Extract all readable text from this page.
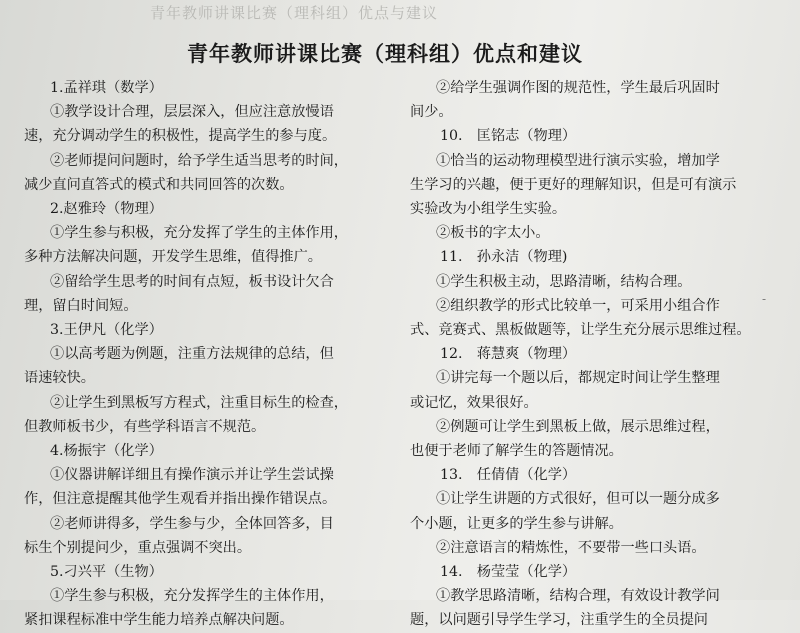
青年教师讲课比赛（理科组）优点与建议
青年教师讲课比赛（理科组）优点和建议

1.孟祥琪（数学）

①教学设计合理，层层深入，但应注意放慢语

速，充分调动学生的积极性，提高学生的参与度。

②老师提问问题时，给予学生适当思考的时间，

减少直问直答式的模式和共同回答的次数。

2.赵雅玲（物理）

①学生参与积极，充分发挥了学生的主体作用，

多种方法解决问题，开发学生思维，值得推广。

②留给学生思考的时间有点短，板书设计欠合

理，留白时间短。

3.王伊凡（化学）

①以高考题为例题，注重方法规律的总结，但

语速较快。

②让学生到黑板写方程式，注重目标生的检查，

但教师板书少，有些学科语言不规范。

4.杨振宇（化学）

①仪器讲解详细且有操作演示并让学生尝试操

作，但注意提醒其他学生观看并指出操作错误点。

②老师讲得多，学生参与少，全体回答多，目

标生个别提问少，重点强调不突出。

5.刁兴平（生物）

①学生参与积极，充分发挥学生的主体作用，

紧扣课程标准中学生能力培养点解决问题。

②给学生强调作图的规范性，学生最后巩固时

间少。

10.　匡铭志（物理）

①恰当的运动物理模型进行演示实验，增加学

生学习的兴趣，便于更好的理解知识，但是可有演示

实验改为小组学生实验。

②板书的字太小。

11.　孙永洁（物理)

①学生积极主动，思路清晰，结构合理。

②组织教学的形式比较单一，可采用小组合作

式、竞赛式、黑板做题等，让学生充分展示思维过程。

12.　蒋慧爽（物理）

①讲完每一个题以后，都规定时间让学生整理

或记忆，效果很好。

②例题可让学生到黑板上做，展示思维过程，

也便于老师了解学生的答题情况。

13.　任倩倩（化学）

①让学生讲题的方式很好，但可以一题分成多

个小题，让更多的学生参与讲解。

②注意语言的精炼性，不要带一些口头语。

14.　杨莹莹（化学）

①教学思路清晰，结构合理，有效设计教学问

题，以问题引导学生学习，注重学生的全员提问

-
